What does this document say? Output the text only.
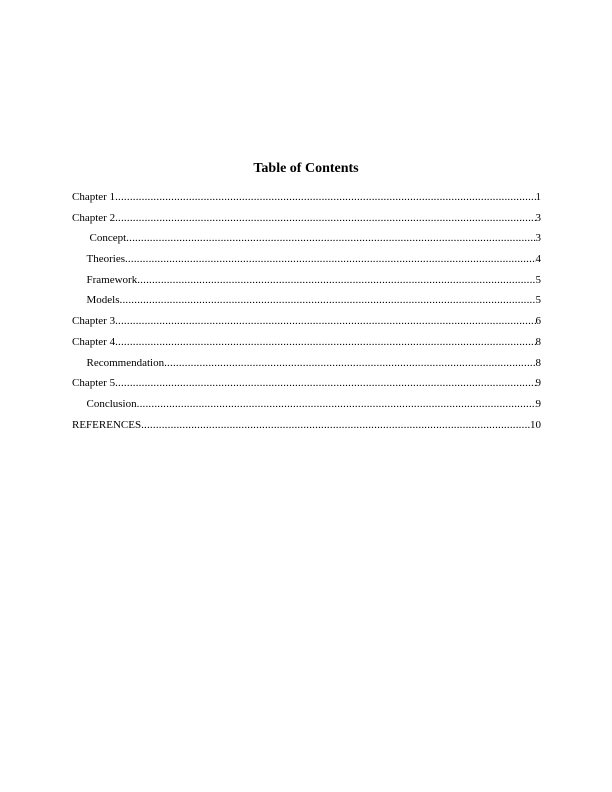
Table of Contents
Chapter 1 .....	1
Chapter 2 .....	3
Concept .....	3
Theories .....	4
Framework .....	5
Models .....	5
Chapter 3 .....	6
Chapter 4 .....	8
Recommendation .....	8
Chapter 5 .....	9
Conclusion .....	9
REFERENCES .....	10
